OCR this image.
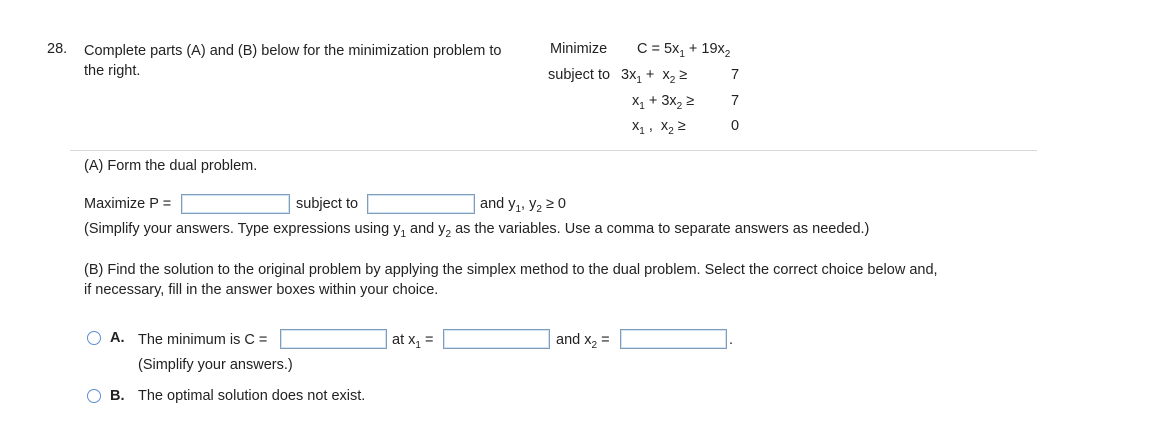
28. Complete parts (A) and (B) below for the minimization problem to
the right.
Minimize $C = 5x_1 + 19x_2$
subject to $3x_1 + x_2$ ≥	7
$x_1 + 3x_2$ ≥	7
$x_1$ ,  $x_2$ ≥	0
(A) Form the dual problem.
Maximize P =	subject to	and $y_1$, $y_2 \ge 0$
(Simplify your answers. Type expressions using $y_1$ and $y_2$ as the variables. Use a comma to separate answers as needed.)
(B) Find the solution to the original problem by applying the simplex method to the dual problem. Select the correct choice below and,
if necessary, fill in the answer boxes within your choice.
A. The minimum is C =	at $x_1$ =	and $x_2$ =	.
(Simplify your answers.)
B. The optimal solution does not exist.
